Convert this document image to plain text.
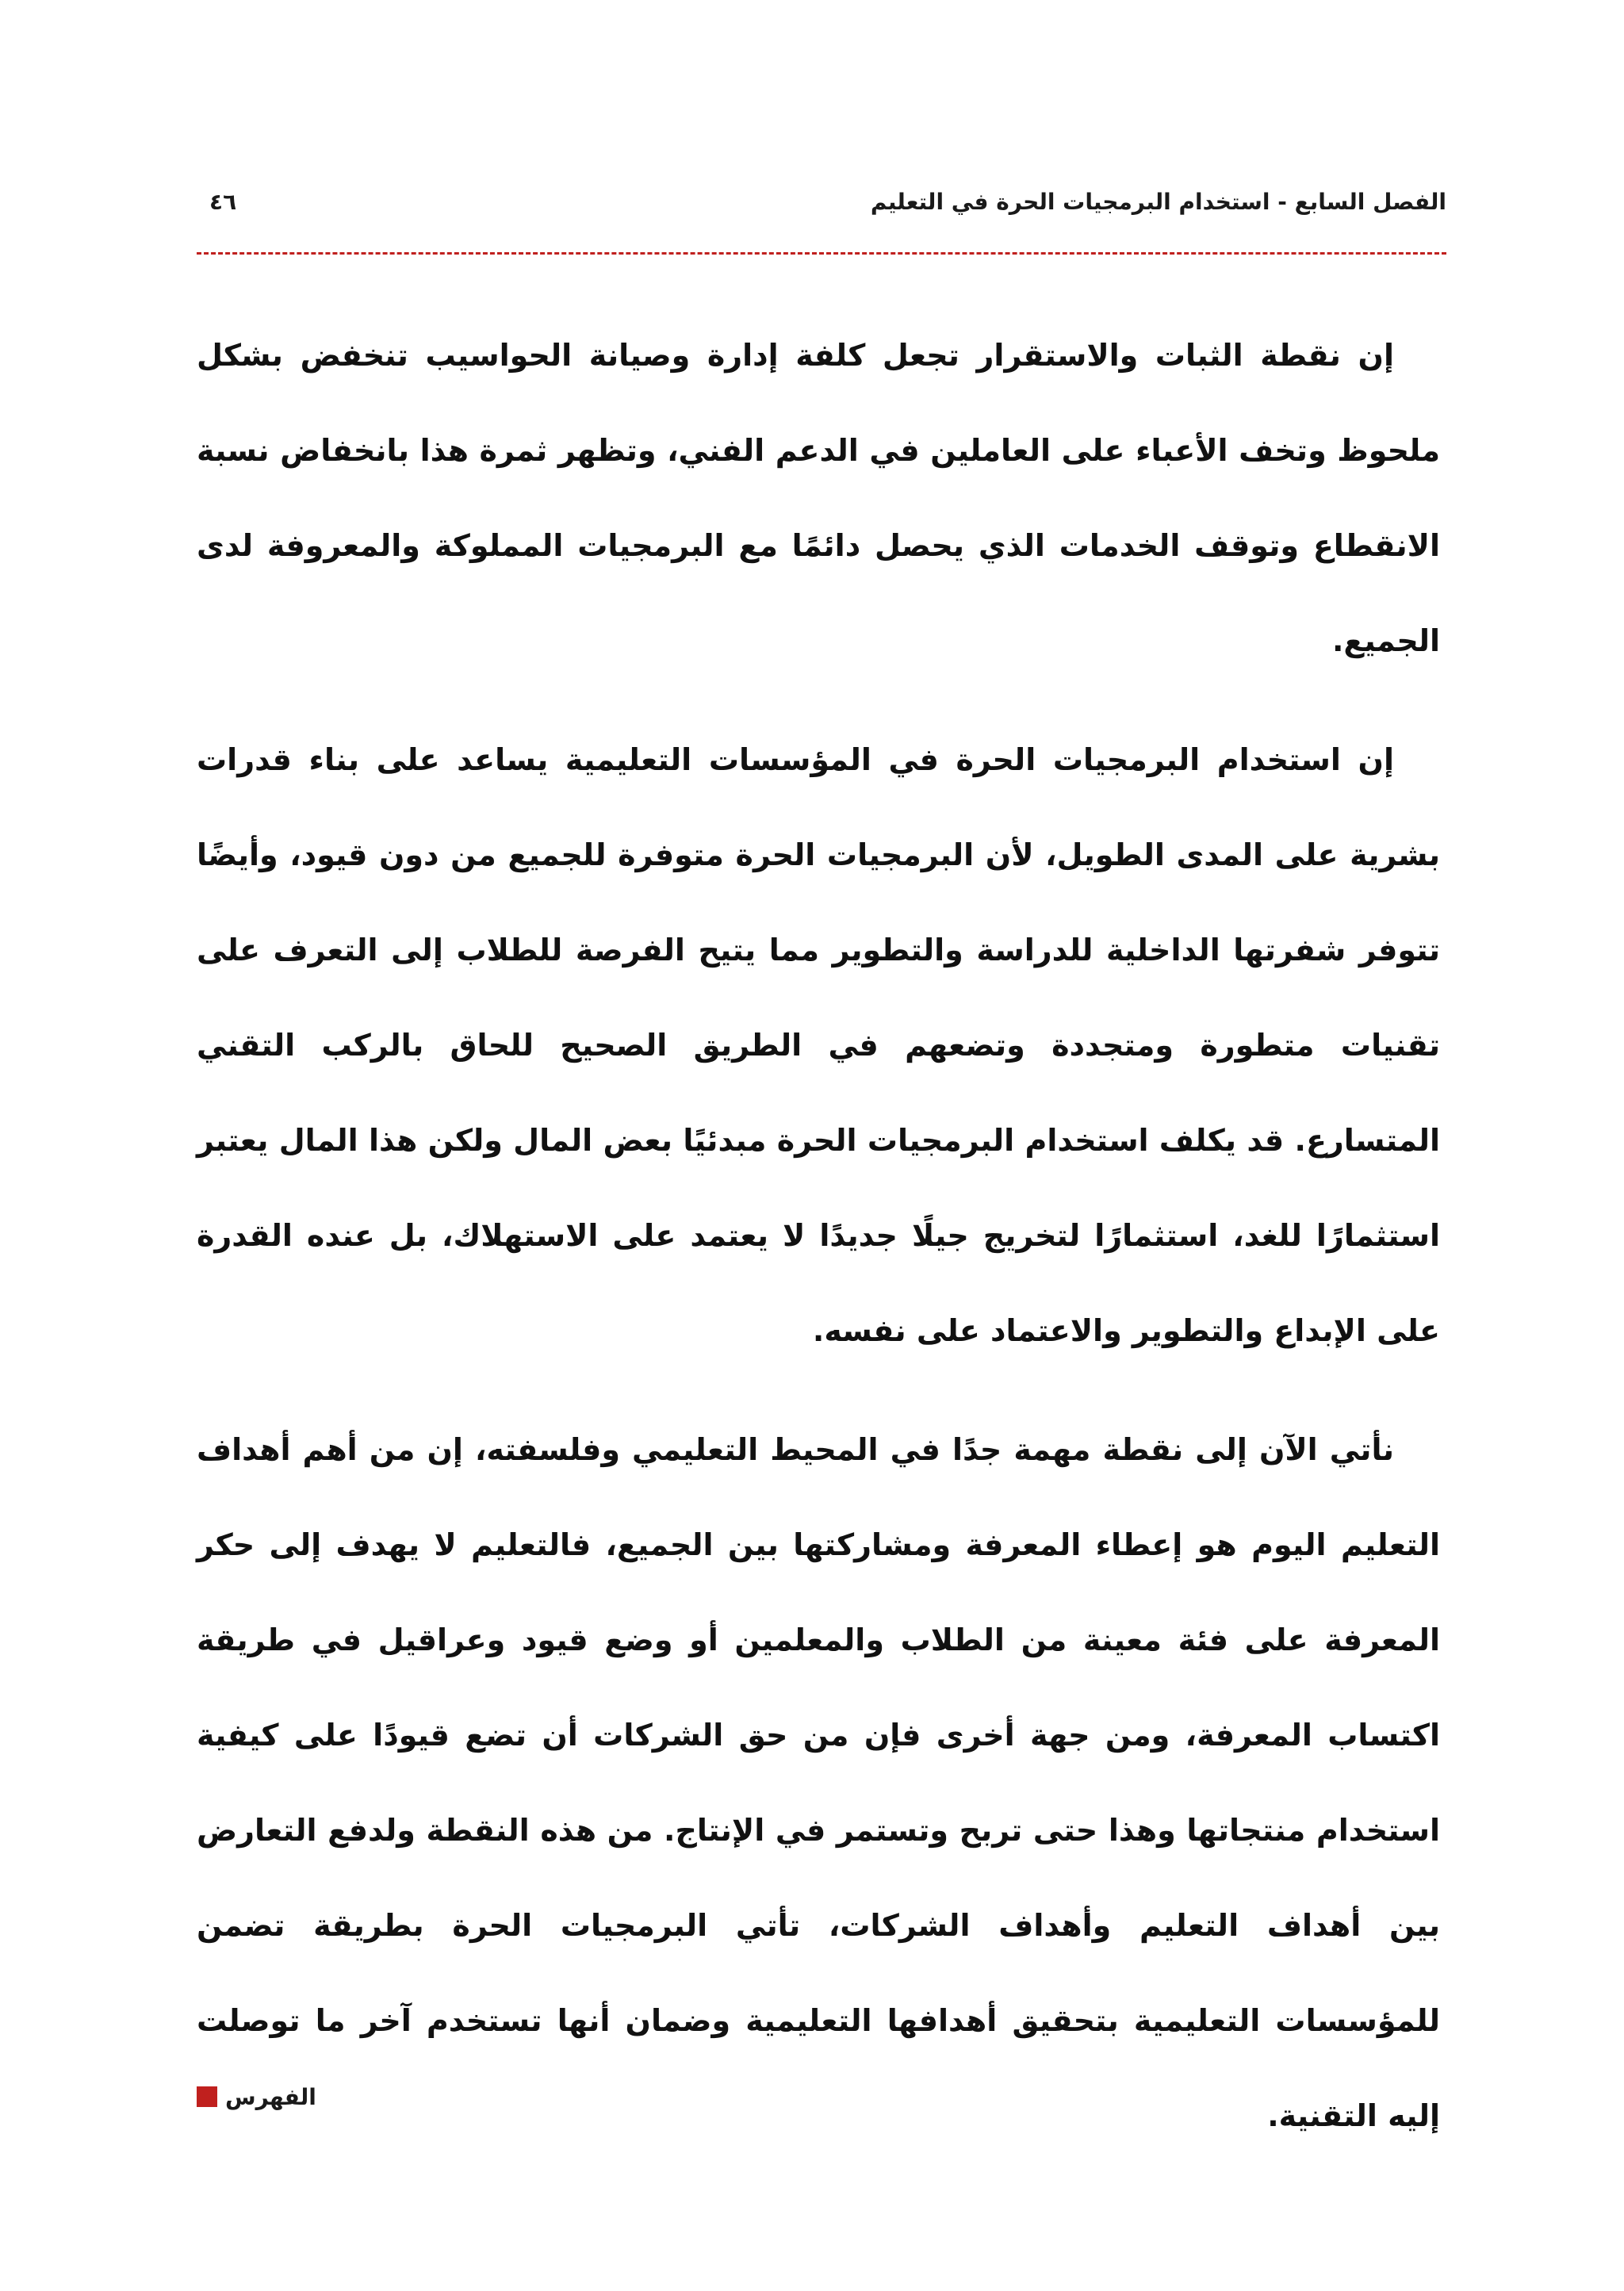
الفصل السابع - استخدام البرمجيات الحرة في التعليم
٤٦

إن نقطة الثبات والاستقرار تجعل كلفة إدارة وصيانة الحواسيب تنخفض بشكل ملحوظ وتخف الأعباء على العاملين في الدعم الفني، وتظهر ثمرة هذا بانخفاض نسبة الانقطاع وتوقف الخدمات الذي يحصل دائمًا مع البرمجيات المملوكة والمعروفة لدى الجميع.

إن استخدام البرمجيات الحرة في المؤسسات التعليمية يساعد على بناء قدرات بشرية على المدى الطويل، لأن البرمجيات الحرة متوفرة للجميع من دون قيود، وأيضًا تتوفر شفرتها الداخلية للدراسة والتطوير مما يتيح الفرصة للطلاب إلى التعرف على تقنيات متطورة ومتجددة وتضعهم في الطريق الصحيح للحاق بالركب التقني المتسارع. قد يكلف استخدام البرمجيات الحرة مبدئيًا بعض المال ولكن هذا المال يعتبر استثمارًا للغد، استثمارًا لتخريج جيلًا جديدًا لا يعتمد على الاستهلاك، بل عنده القدرة على الإبداع والتطوير والاعتماد على نفسه.

نأتي الآن إلى نقطة مهمة جدًا في المحيط التعليمي وفلسفته، إن من أهم أهداف التعليم اليوم هو إعطاء المعرفة ومشاركتها بين الجميع، فالتعليم لا يهدف إلى حكر المعرفة على فئة معينة من الطلاب والمعلمين أو وضع قيود وعراقيل في طريقة اكتساب المعرفة، ومن جهة أخرى فإن من حق الشركات أن تضع قيودًا على كيفية استخدام منتجاتها وهذا حتى تربح وتستمر في الإنتاج. من هذه النقطة ولدفع التعارض بين أهداف التعليم وأهداف الشركات، تأتي البرمجيات الحرة بطريقة تضمن للمؤسسات التعليمية بتحقيق أهدافها التعليمية وضمان أنها تستخدم آخر ما توصلت إليه التقنية.

الفهرس
